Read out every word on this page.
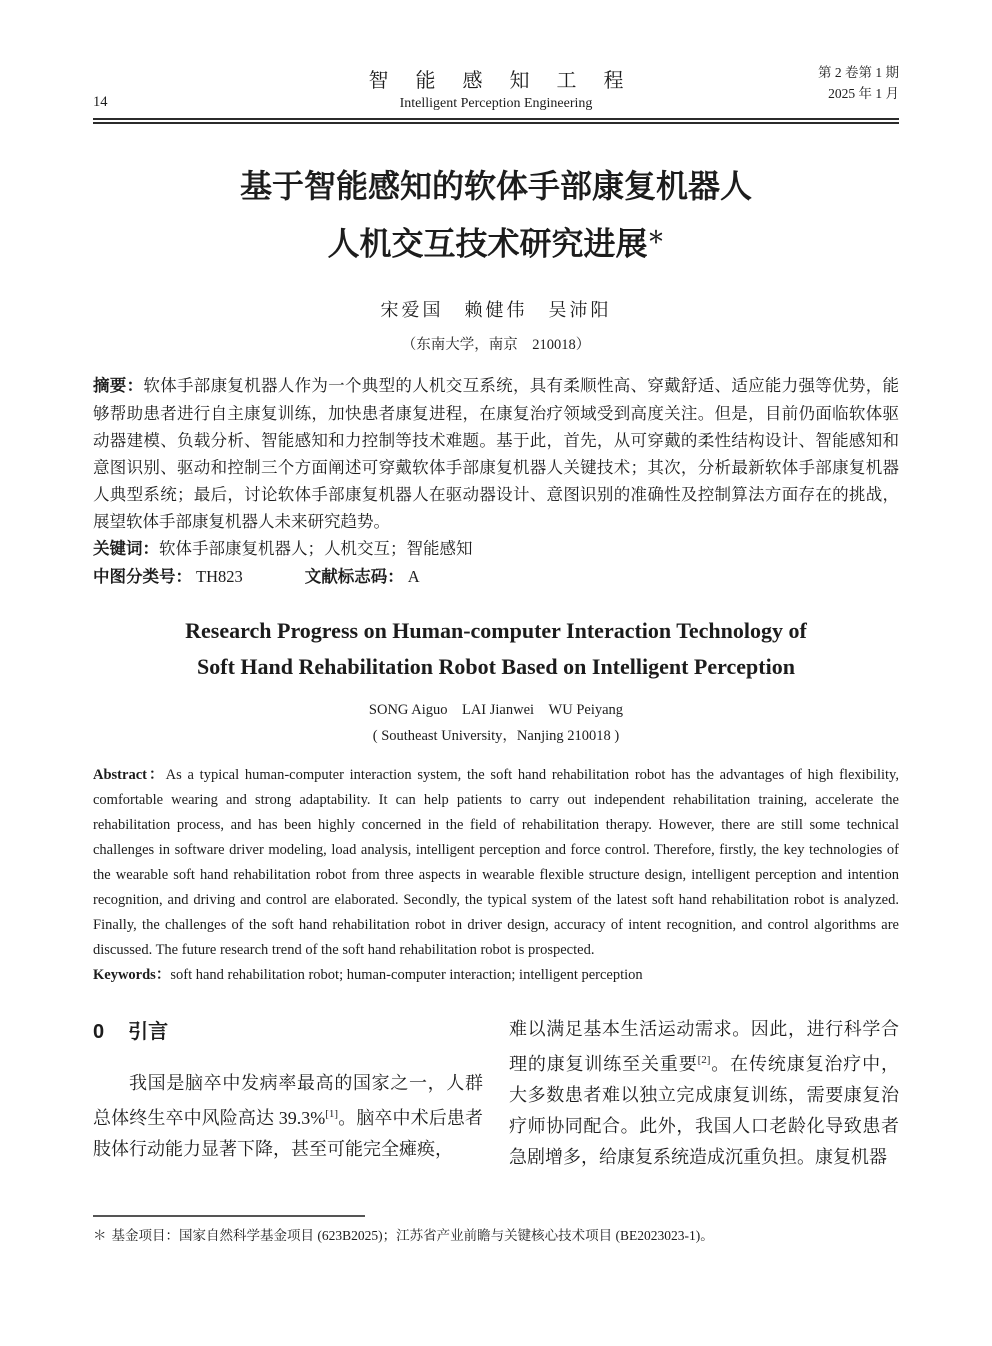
14
智 能 感 知 工 程
Intelligent Perception Engineering
第 2 卷第 1 期
2025 年 1 月
基于智能感知的软体手部康复机器人
人机交互技术研究进展＊
宋爱国　赖健伟　吴沛阳
（东南大学，南京　210018）

摘要：软体手部康复机器人作为一个典型的人机交互系统，具有柔顺性高、穿戴舒适、适应能力强等优势，能够帮助患者进行自主康复训练，加快患者康复进程，在康复治疗领域受到高度关注。但是，目前仍面临软体驱动器建模、负载分析、智能感知和力控制等技术难题。基于此，首先，从可穿戴的柔性结构设计、智能感知和意图识别、驱动和控制三个方面阐述可穿戴软体手部康复机器人关键技术；其次，分析最新软体手部康复机器人典型系统；最后，讨论软体手部康复机器人在驱动器设计、意图识别的准确性及控制算法方面存在的挑战，展望软体手部康复机器人未来研究趋势。

关键词：软体手部康复机器人；人机交互；智能感知

中图分类号： TH823	文献标志码： A

Research Progress on Human-computer Interaction Technology of
Soft Hand Rehabilitation Robot Based on Intelligent Perception
SONG Aiguo　LAI Jianwei　WU Peiyang
( Southeast University，Nanjing 210018 )

Abstract：As a typical human-computer interaction system, the soft hand rehabilitation robot has the advantages of high flexibility, comfortable wearing and strong adaptability. It can help patients to carry out independent rehabilitation training, accelerate the rehabilitation process, and has been highly concerned in the field of rehabilitation therapy. However, there are still some technical challenges in software driver modeling, load analysis, intelligent perception and force control. Therefore, firstly, the key technologies of the wearable soft hand rehabilitation robot from three aspects in wearable flexible structure design, intelligent perception and intention recognition, and driving and control are elaborated. Secondly, the typical system of the latest soft hand rehabilitation robot is analyzed. Finally, the challenges of the soft hand rehabilitation robot in driver design, accuracy of intent recognition, and control algorithms are discussed. The future research trend of the soft hand rehabilitation robot is prospected.

Keywords：soft hand rehabilitation robot; human-computer interaction; intelligent perception

0 引言

我国是脑卒中发病率最高的国家之一，人群总体终生卒中风险高达 39.3%[1]。脑卒中术后患者肢体行动能力显著下降，甚至可能完全瘫痪，

难以满足基本生活运动需求。因此，进行科学合理的康复训练至关重要[2]。在传统康复治疗中，大多数患者难以独立完成康复训练，需要康复治疗师协同配合。此外，我国人口老龄化导致患者急剧增多，给康复系统造成沉重负担。康复机器

＊ 基金项目：国家自然科学基金项目 (623B2025)；江苏省产业前瞻与关键核心技术项目 (BE2023023-1)。
